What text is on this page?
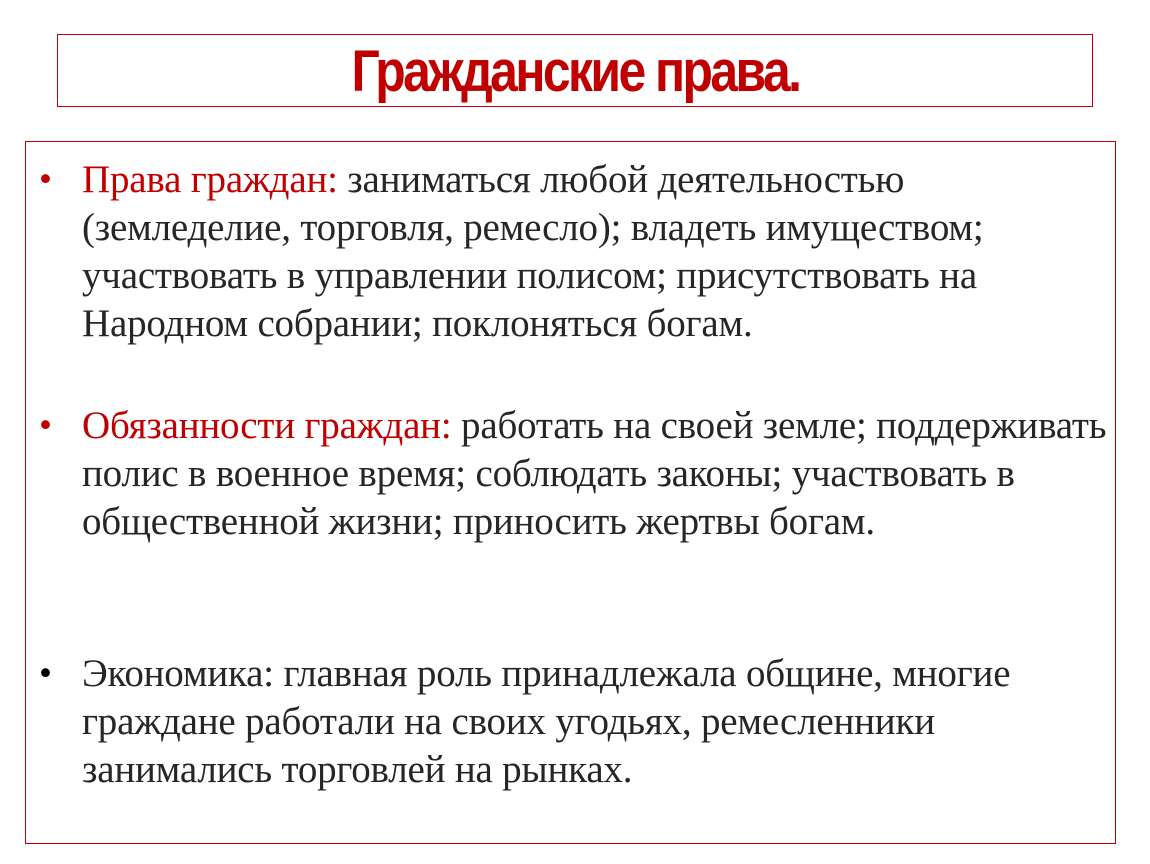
Гражданские права.
• Права граждан: заниматься любой деятельностью (земледелие, торговля, ремесло); владеть имуществом; участвовать в управлении полисом; присутствовать на Народном собрании; поклоняться богам.
• Обязанности граждан: работать на своей земле; поддерживать полис в военное время; соблюдать законы; участвовать в общественной жизни; приносить жертвы богам.
• Экономика: главная роль принадлежала общине, многие граждане работали на своих угодьях, ремесленники занимались торговлей на рынках.
